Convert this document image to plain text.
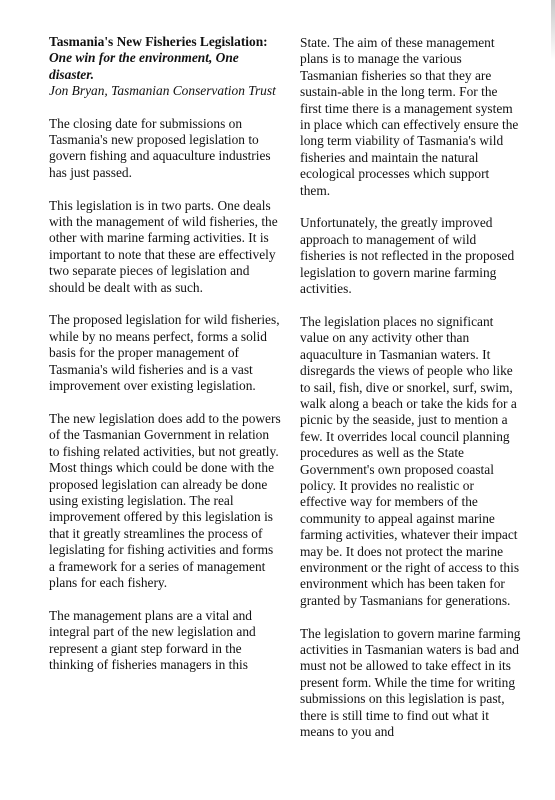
Tasmania's New Fisheries Legislation:

One win for the environment, One disaster.

Jon Bryan, Tasmanian Conservation Trust

The closing date for submissions on Tasmania's new proposed legislation to govern fishing and aquaculture industries has just passed.

This legislation is in two parts. One deals with the management of wild fisheries, the other with marine farming activities. It is important to note that these are effectively two separate pieces of legislation and should be dealt with as such.

The proposed legislation for wild fisheries, while by no means perfect, forms a solid basis for the proper management of Tasmania's wild fisheries and is a vast improvement over existing legislation.

The new legislation does add to the powers of the Tasmanian Government in relation to fishing related activities, but not greatly. Most things which could be done with the proposed legislation can already be done using existing legislation. The real improvement offered by this legislation is that it greatly streamlines the process of legislating for fishing activities and forms a framework for a series of management plans for each fishery.

The management plans are a vital and integral part of the new legislation and represent a giant step forward in the thinking of fisheries managers in this

State. The aim of these management plans is to manage the various Tasmanian fisheries so that they are sustain-able in the long term. For the first time there is a management system in place which can effectively ensure the long term viability of Tasmania's wild fisheries and maintain the natural ecological processes which support them.

Unfortunately, the greatly improved approach to management of wild fisheries is not reflected in the proposed legislation to govern marine farming activities.

The legislation places no significant value on any activity other than aquaculture in Tasmanian waters. It disregards the views of people who like to sail, fish, dive or snorkel, surf, swim, walk along a beach or take the kids for a picnic by the seaside, just to mention a few. It overrides local council planning procedures as well as the State Government's own proposed coastal policy. It provides no realistic or effective way for members of the community to appeal against marine farming activities, whatever their impact may be. It does not protect the marine environment or the right of access to this environment which has been taken for granted by Tasmanians for generations.

The legislation to govern marine farming activities in Tasmanian waters is bad and must not be allowed to take effect in its present form. While the time for writing submissions on this legislation is past, there is still time to find out what it means to you and
